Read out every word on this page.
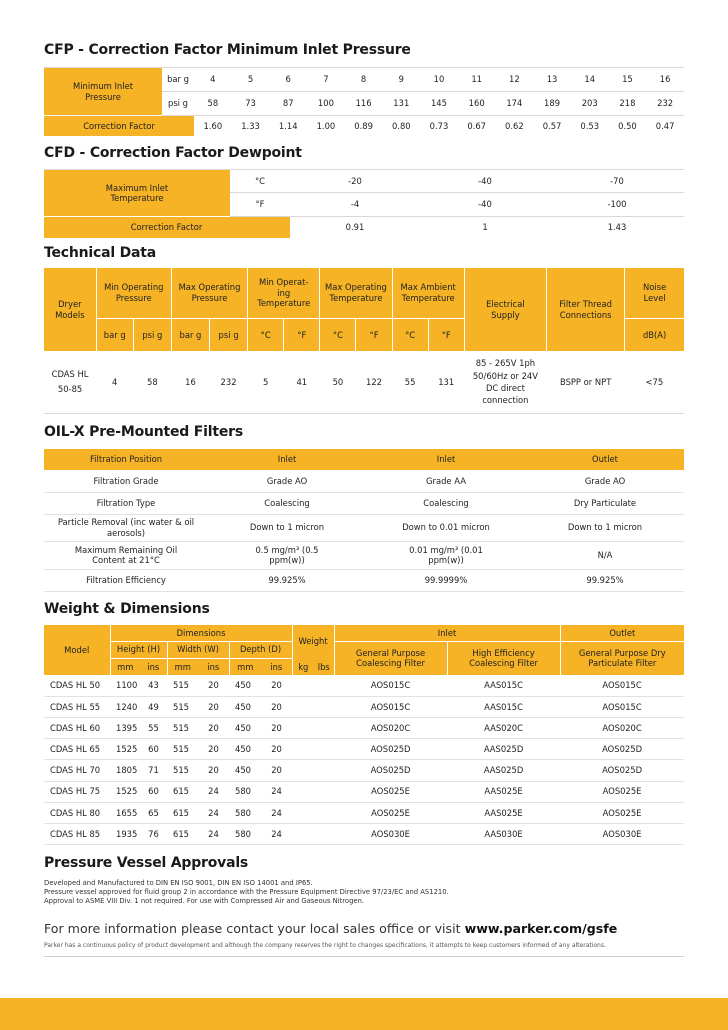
CFP - Correction Factor Minimum Inlet Pressure
Minimum Inlet Pressure	bar g	4	5	6	7	8	9	10	11	12	13	14	15	16
	psi g	58	73	87	100	116	131	145	160	174	189	203	218	232
Correction Factor		1.60	1.33	1.14	1.00	0.89	0.80	0.73	0.67	0.62	0.57	0.53	0.50	0.47
CFD - Correction Factor Dewpoint
Maximum Inlet Temperature	°C	-20	-40	-70
	°F	-4	-40	-100
Correction Factor		0.91	1	1.43
Technical Data
Dryer Models	Min Operating Pressure		Max Operating Pressure		Min Operat-ing Temperature		Max Operating Temperature		Max Ambient Temperature		Electrical Supply	Filter Thread Connections	Noise Level
	bar g	psi g	bar g	psi g	°C	°F	°C	°F	°C	°F			dB(A)
CDAS HL 50-85	4	58	16	232	5	41	50	122	55	131	85 - 265V 1ph 50/60Hz or 24V DC direct connection	BSPP or NPT	<75
OIL-X Pre-Mounted Filters
Filtration Position	Inlet	Inlet	Outlet
Filtration Grade	Grade AO	Grade AA	Grade AO
Filtration Type	Coalescing	Coalescing	Dry Particulate
Particle Removal (inc water & oil aerosols)	Down to 1 micron	Down to 0.01 micron	Down to 1 micron
Maximum Remaining Oil Content at 21°C	0.5 mg/m³ (0.5 ppm(w))	0.01 mg/m³ (0.01 ppm(w))	N/A
Filtration Efficiency	99.925%	99.9999%	99.925%
Weight & Dimensions
Model	Dimensions						Weight		Inlet		Outlet
	Height (H)		Width (W)		Depth (D)				General Purpose Coalescing Filter	High Efficiency Coalescing Filter	General Purpose Dry Particulate Filter
	mm	ins	mm	ins	mm	ins	kg	lbs			
CDAS HL 50	1100	43	515	20	450	20			AOS015C	AAS015C	AOS015C
CDAS HL 55	1240	49	515	20	450	20			AOS015C	AAS015C	AOS015C
CDAS HL 60	1395	55	515	20	450	20			AOS020C	AAS020C	AOS020C
CDAS HL 65	1525	60	515	20	450	20			AOS025D	AAS025D	AOS025D
CDAS HL 70	1805	71	515	20	450	20			AOS025D	AAS025D	AOS025D
CDAS HL 75	1525	60	615	24	580	24			AOS025E	AAS025E	AOS025E
CDAS HL 80	1655	65	615	24	580	24			AOS025E	AAS025E	AOS025E
CDAS HL 85	1935	76	615	24	580	24			AOS030E	AAS030E	AOS030E
Pressure Vessel Approvals
Developed and Manufactured to DIN EN ISO 9001, DIN EN ISO 14001 and IP65.
Pressure vessel approved for fluid group 2 in accordance with the Pressure Equipment Directive 97/23/EC and AS1210.
Approval to ASME VIII Div. 1 not required. For use with Compressed Air and Gaseous Nitrogen.
For more information please contact your local sales office or visit www.parker.com/gsfe
Parker has a continuous policy of product development and although the company reserves the right to changes specifications, it attempts to keep customers informed of any alterations.
